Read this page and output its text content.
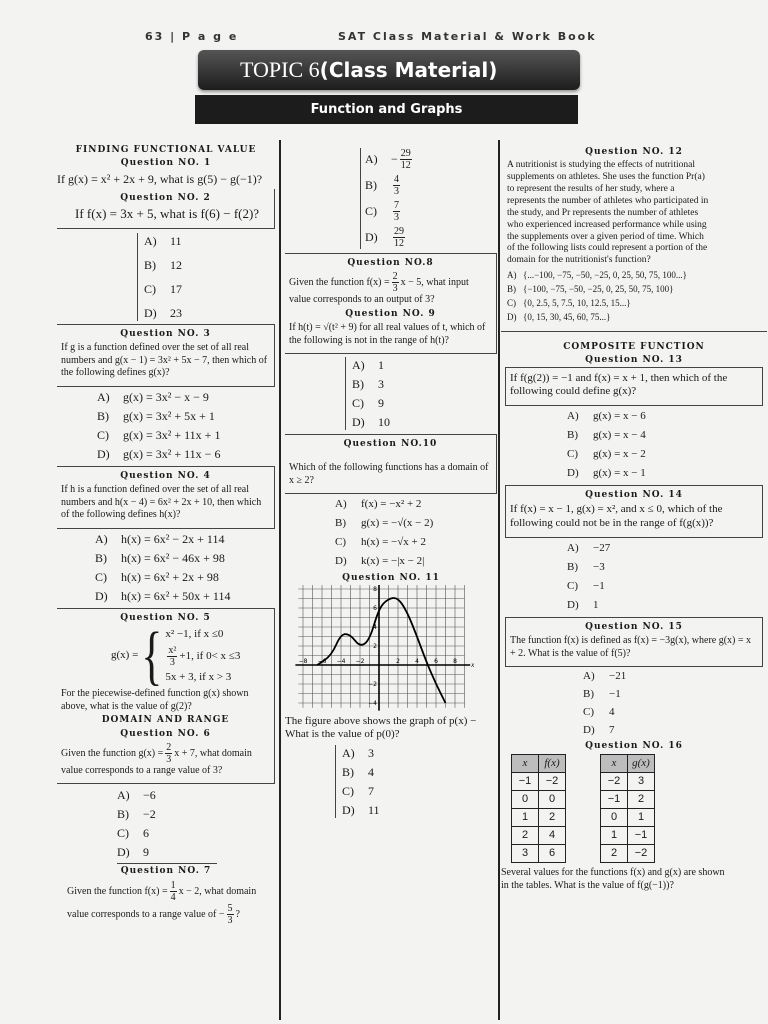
63 | P a g e	SAT Class Material & Work Book
TOPIC 6(Class Material)
Function and Graphs
FINDING FUNCTIONAL VALUE
Question NO. 1
If g(x) = x² + 2x + 9, what is g(5) − g(−1)?
Question NO. 2
If f(x) = 3x + 5, what is f(6) − f(2)?
A)	11
B)	12
C)	17
D)	23
Question NO. 3
If g is a function defined over the set of all real numbers and g(x − 1) = 3x² + 5x − 7, then which of the following defines g(x)?
A)	g(x) = 3x² − x − 9
B)	g(x) = 3x² + 5x + 1
C)	g(x) = 3x² + 11x + 1
D)	g(x) = 3x² + 11x − 6
Question NO. 4
If h is a function defined over the set of all real numbers and h(x − 4) = 6x² + 2x + 10, then which of the following defines h(x)?
A)	h(x) = 6x² − 2x + 114
B)	h(x) = 6x² − 46x + 98
C)	h(x) = 6x² + 2x + 98
D)	h(x) = 6x² + 50x + 114
Question NO. 5
g(x) = { x² −1, if x ≤0
$\frac{\text{x²}}{3} +1$, if 0< x ≤3
5x + 3, if x > 3
For the piecewise-defined function g(x) shown above, what is the value of g(2)?
DOMAIN AND RANGE
Question NO. 6
Given the function $g(x) = \frac{2}{3}$ x + 7, what domain value corresponds to a range value of 3?
A)	−6
B)	−2
C)	6
D)	9
Question NO. 7
Given the function $f(x) = \frac{1}{4}$ x − 2, what domain value corresponds to a range value of − $\frac{5}{3}$ ?
A)	− $\frac{29}{12}$
B)	$\frac{4}{3}$
C)	$\frac{7}{3}$
D)	$\frac{29}{12}$
Question NO.8
Given the function $f(x) = \frac{2}{3}$ x − 5, what input value corresponds to an output of 3?
Question NO. 9
If h(t) = √(t² + 9) for all real values of t, which of the following is not in the range of h(t)?
A)	1
B)	3
C)	9
D)	10
Question NO.10
Which of the following functions has a domain of x ≥ 2?
A)	f(x) = −x² + 2
B)	g(x) = −√(x − 2)
C)	h(x) = −√x + 2
D)	k(x) = −|x − 2|
Question NO. 11
−8 −6 −4 −2	2	4	6	8
8
6
4
2
−2
−4
x
The figure above shows the graph of p(x) − What is the value of p(0)?
A)	3
B)	4
C)	7
D)	11
Question NO. 12
A nutritionist is studying the effects of nutritional supplements on athletes. She uses the function Pr(a) to represent the results of her study, where a represents the number of athletes who participated in the study, and Pr represents the number of athletes who experienced increased performance while using the supplements over a given period of time. Which of the following lists could represent a portion of the domain for the nutritionist's function?
A) {...−100, −75, −50, −25, 0, 25, 50, 75, 100...}
B) {−100, −75, −50, −25, 0, 25, 50, 75, 100}
C) {0, 2.5, 5, 7.5, 10, 12.5, 15...}
D) {0, 15, 30, 45, 60, 75...}
COMPOSITE FUNCTION
Question NO. 13
If f(g(2)) = −1 and f(x) = x + 1, then which of the following could define g(x)?
A)	g(x) = x − 6
B)	g(x) = x − 4
C)	g(x) = x − 2
D)	g(x) = x − 1
Question NO. 14
If f(x) = x − 1, g(x) = x², and x ≤ 0, which of the following could not be in the range of f(g(x))?
A)	−27
B)	−3
C)	−1
D)	1
Question NO. 15
The function f(x) is defined as f(x) = −3g(x), where g(x) = x + 2. What is the value of f(5)?
A)	−21
B)	−1
C)	4
D)	7
Question NO. 16
x	f(x)
−1	−2
0	0
1	2
2	4
3	6
x	g(x)
−2	3
−1	2
0	1
1	−1
2	−2
Several values for the functions f(x) and g(x) are shown in the tables. What is the value of f(g(−1))?
